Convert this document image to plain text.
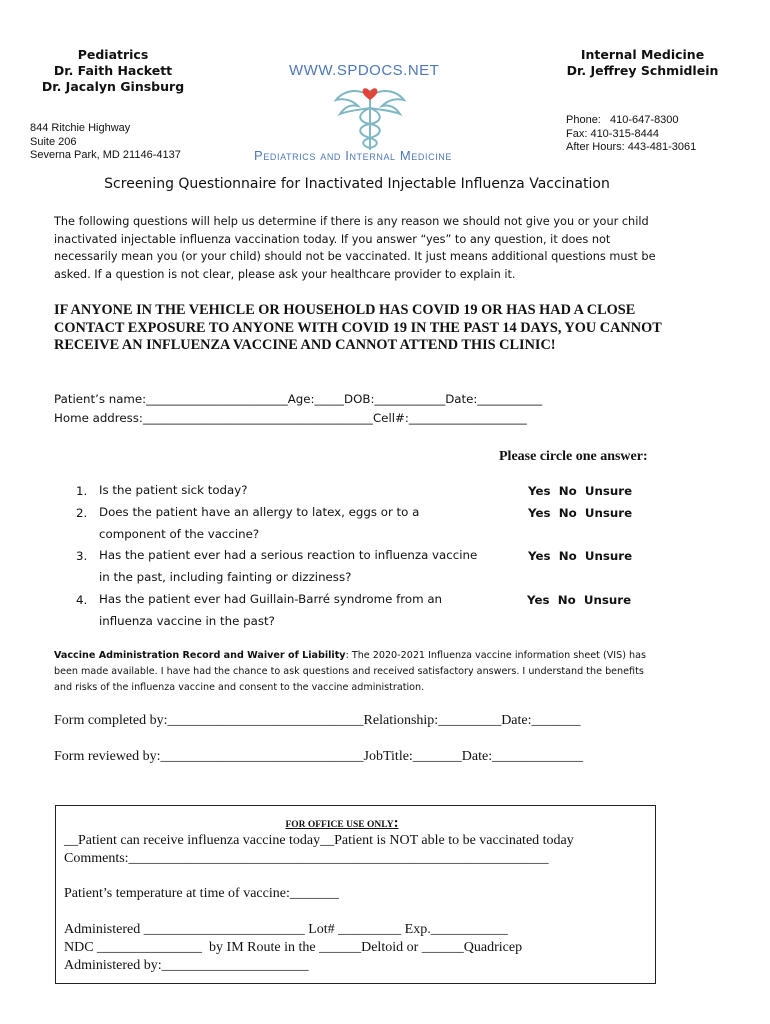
Pediatrics
Dr. Faith Hackett
Dr. Jacalyn Ginsburg
Internal Medicine
Dr. Jeffrey Schmidlein
844 Ritchie Highway
Suite 206
Severna Park, MD 21146-4137
Phone:   410-647-8300
Fax: 410-315-8444
After Hours: 443-481-3061
WWW.SPDOCS.NET
Pediatrics and Internal Medicine
Screening Questionnaire for Inactivated Injectable Influenza Vaccination
The following questions will help us determine if there is any reason we should not give you or your child inactivated injectable influenza vaccination today. If you answer “yes” to any question, it does not necessarily mean you (or your child) should not be vaccinated. It just means additional questions must be asked. If a question is not clear, please ask your healthcare provider to explain it.
IF ANYONE IN THE VEHICLE OR HOUSEHOLD HAS COVID 19 OR HAS HAD A CLOSE CONTACT EXPOSURE TO ANYONE WITH COVID 19 IN THE PAST 14 DAYS, YOU CANNOT RECEIVE AN INFLUENZA VACCINE AND CANNOT ATTEND THIS CLINIC!
Patient’s name:________________________Age:_____DOB:____________Date:___________
Home address:_______________________________________Cell#:____________________
Please circle one answer:
1. Is the patient sick today?	Yes  No  Unsure
2. Does the patient have an allergy to latex, eggs or to a component of the vaccine?
Yes  No  Unsure
3. Has the patient ever had a serious reaction to influenza vaccine in the past, including fainting or dizziness?
Yes  No  Unsure
4. Has the patient ever had Guillain-Barré syndrome from an influenza vaccine in the past?
Yes  No  Unsure
Vaccine Administration Record and Waiver of Liability: The 2020-2021 Influenza vaccine information sheet (VIS) has been made available. I have had the chance to ask questions and received satisfactory answers. I understand the benefits and risks of the influenza vaccine and consent to the vaccine administration.
Form completed by:____________________________Relationship:_________Date:_______
Form reviewed by:_____________________________JobTitle:_______Date:_____________
FOR OFFICE USE ONLY:
__Patient can receive influenza vaccine today__Patient is NOT able to be vaccinated today
Comments:____________________________________________________________
Patient’s temperature at time of vaccine:_______
Administered _______________________ Lot# _________ Exp.___________
NDC _______________  by IM Route in the ______Deltoid or ______Quadricep
Administered by:_____________________
